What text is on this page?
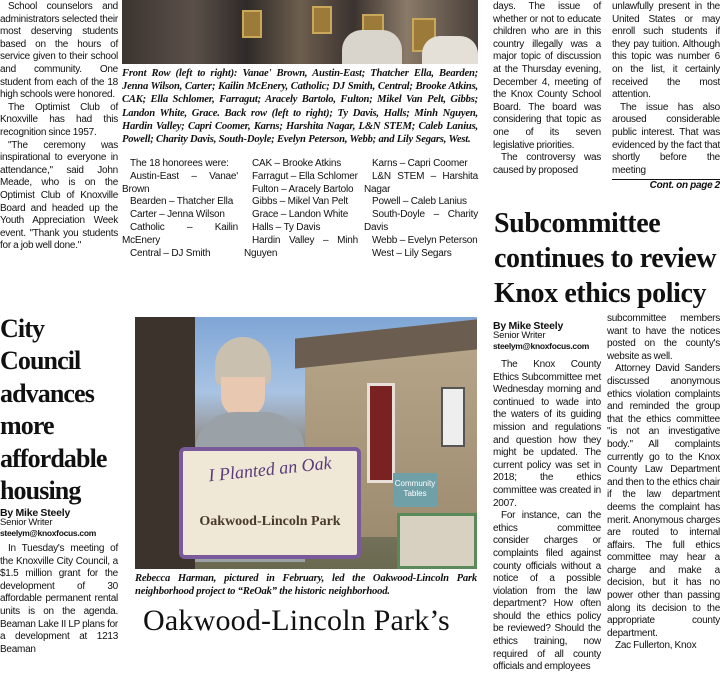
School counselors and administrators selected their most deserving students based on the hours of service given to their school and community. One student from each of the 18 high schools were honored.

The Optimist Club of Knoxville has had this recognition since 1957.

"The ceremony was inspirational to everyone in attendance," said John Meade, who is on the Optimist Club of Knoxville Board and headed up the Youth Appreciation Week event. "Thank you students for a job well done."

Front Row (left to right): Vanae' Brown, Austin-East; Thatcher Ella, Bearden; Jenna Wilson, Carter; Kailin McEnery, Catholic; DJ Smith, Central; Brooke Atkins, CAK; Ella Schlomer, Farragut; Aracely Bartolo, Fulton; Mikel Van Pelt, Gibbs; Landon White, Grace. Back row (left to right); Ty Davis, Halls; Minh Nguyen, Hardin Valley; Capri Coomer, Karns; Harshita Nagar, L&N STEM; Caleb Lanius, Powell; Charity Davis, South-Doyle; Evelyn Peterson, Webb; and Lily Segars, West.
The 18 honorees were:
Austin-East – Vanae' Brown
Bearden – Thatcher Ella
Carter – Jenna Wilson
Catholic – Kailin McEnery
Central – DJ Smith
CAK – Brooke Atkins
Farragut – Ella Schlomer
Fulton – Aracely Bartolo
Gibbs – Mikel Van Pelt
Grace – Landon White
Halls – Ty Davis
Hardin Valley – Minh Nguyen
Karns – Capri Coomer
L&N STEM – Harshita Nagar
Powell – Caleb Lanius
South-Doyle – Charity Davis
Webb – Evelyn Peterson
West – Lily Segars

days. The issue of whether or not to educate children who are in this country illegally was a major topic of discussion at the Thursday evening, December 4, meeting of the Knox County School Board. The board was considering that topic as one of its seven legislative priorities.

The controversy was caused by proposed

unlawfully present in the United States or may enroll such students if they pay tuition. Although this topic was number 6 on the list, it certainly received the most attention.

The issue has also aroused considerable public interest. That was evidenced by the fact that shortly before the meeting

Cont. on page 2
Subcommittee continues to review Knox ethics policy
By Mike Steely
Senior Writer
steelym@knoxfocus.com

The Knox County Ethics Subcommittee met Wednesday morning and continued to wade into the waters of its guiding mission and regulations and question how they might be updated. The current policy was set in 2018; the ethics committee was created in 2007.

For instance, can the ethics committee consider charges or complaints filed against county officials without a notice of a possible violation from the law department? How often should the ethics policy be reviewed? Should the ethics training, now required of all county officials and employees

subcommittee members want to have the notices posted on the county's website as well.

Attorney David Sanders discussed anonymous ethics violation complaints and reminded the group that the ethics committee "is not an investigative body." All complaints currently go to the Knox County Law Department and then to the ethics chair if the law department deems the complaint has merit. Anonymous charges are routed to internal affairs. The full ethics committee may hear a charge and make a decision, but it has no power other than passing along its decision to the appropriate county department.

Zac Fullerton, Knox

City Council advances more affordable housing
By Mike Steely
Senior Writer
steelym@knoxfocus.com

In Tuesday's meeting of the Knoxville City Council, a $1.5 million grant for the development of 30 affordable permanent rental units is on the agenda. Beaman Lake II LP plans for a development at 1213 Beaman

I Planted an Oak
Oakwood-Lincoln Park
Community Tables
Rebecca Harman, pictured in February, led the Oakwood-Lincoln Park neighborhood project to “ReOak” the historic neighborhood.
Oakwood-Lincoln Park’s
